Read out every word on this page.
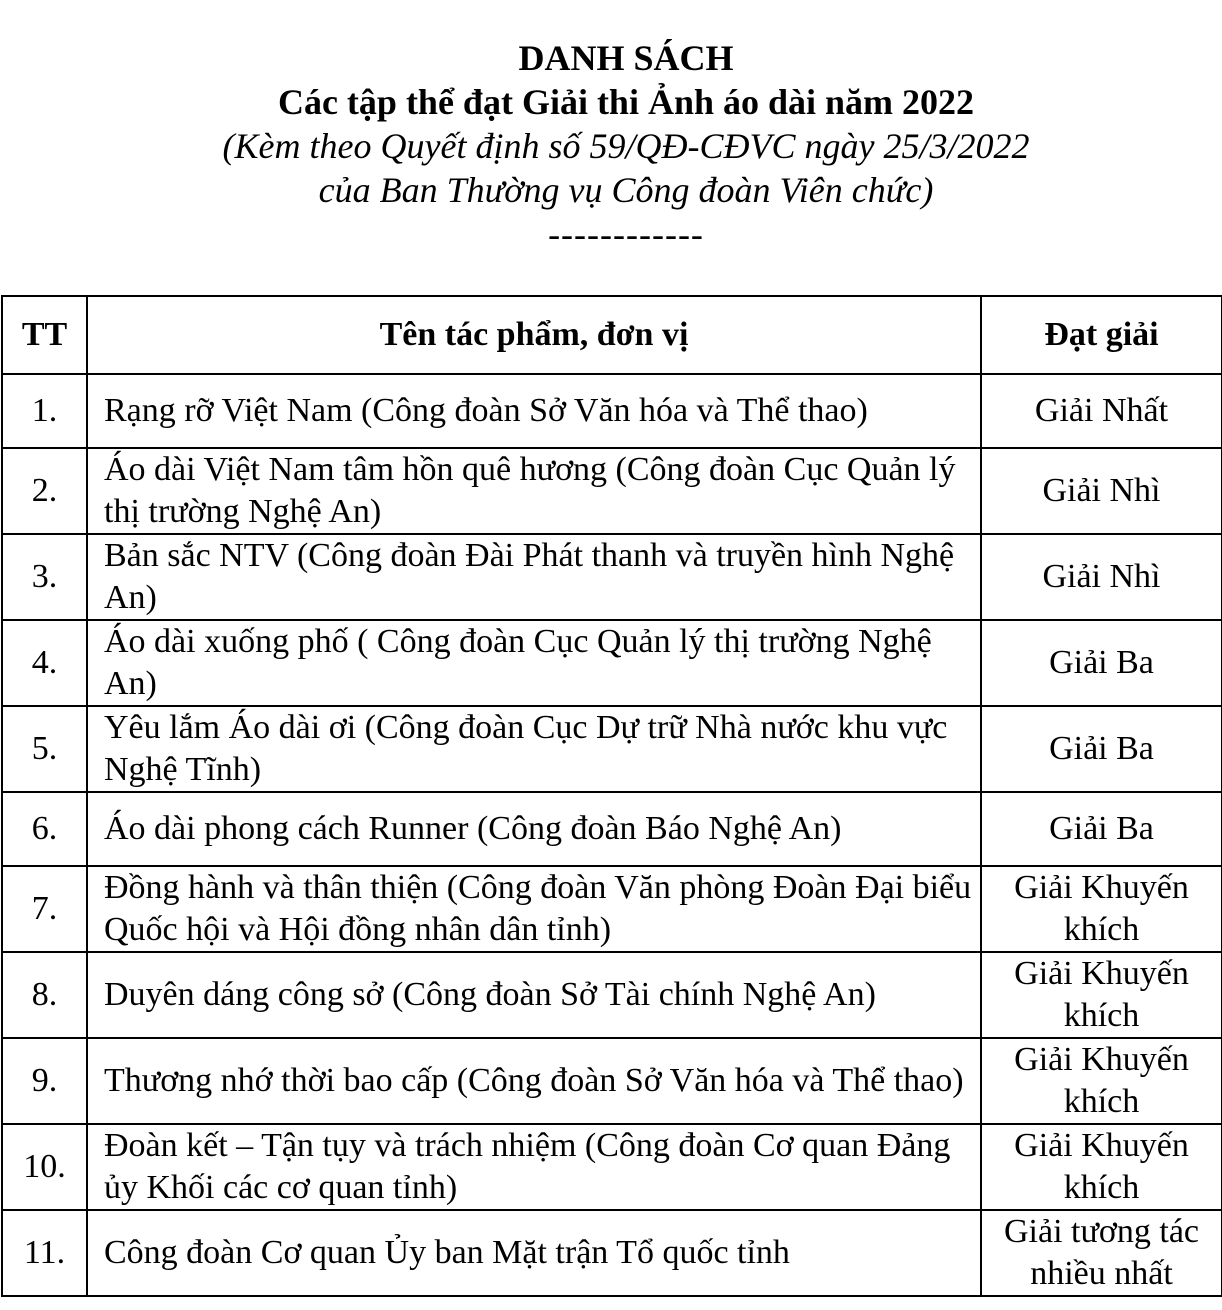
DANH SÁCH
Các tập thể đạt Giải thi Ảnh áo dài năm 2022
(Kèm theo Quyết định số 59/QĐ-CĐVC ngày 25/3/2022
của Ban Thường vụ Công đoàn Viên chức)
------------
TT	Tên tác phẩm, đơn vị	Đạt giải
1.	Rạng rỡ Việt Nam (Công đoàn Sở Văn hóa và Thể thao)	Giải Nhất
2.	Áo dài Việt Nam tâm hồn quê hương (Công đoàn Cục Quản lý thị trường Nghệ An)	Giải Nhì
3.	Bản sắc NTV (Công đoàn Đài Phát thanh và truyền hình Nghệ An)	Giải Nhì
4.	Áo dài xuống phố ( Công đoàn Cục Quản lý thị trường Nghệ An)	Giải Ba
5.	Yêu lắm Áo dài ơi (Công đoàn Cục Dự trữ Nhà nước khu vực Nghệ Tĩnh)	Giải Ba
6.	Áo dài phong cách Runner (Công đoàn Báo Nghệ An)	Giải Ba
7.	Đồng hành và thân thiện (Công đoàn Văn phòng Đoàn Đại biểu Quốc hội và Hội đồng nhân dân tỉnh)	Giải Khuyến khích
8.	Duyên dáng công sở (Công đoàn Sở Tài chính Nghệ An)	Giải Khuyến khích
9.	Thương nhớ thời bao cấp (Công đoàn Sở Văn hóa và Thể thao)	Giải Khuyến khích
10.	Đoàn kết – Tận tụy và trách nhiệm (Công đoàn Cơ quan Đảng ủy Khối các cơ quan tỉnh)	Giải Khuyến khích
11.	Công đoàn Cơ quan Ủy ban Mặt trận Tổ quốc tỉnh	Giải tương tác nhiều nhất
